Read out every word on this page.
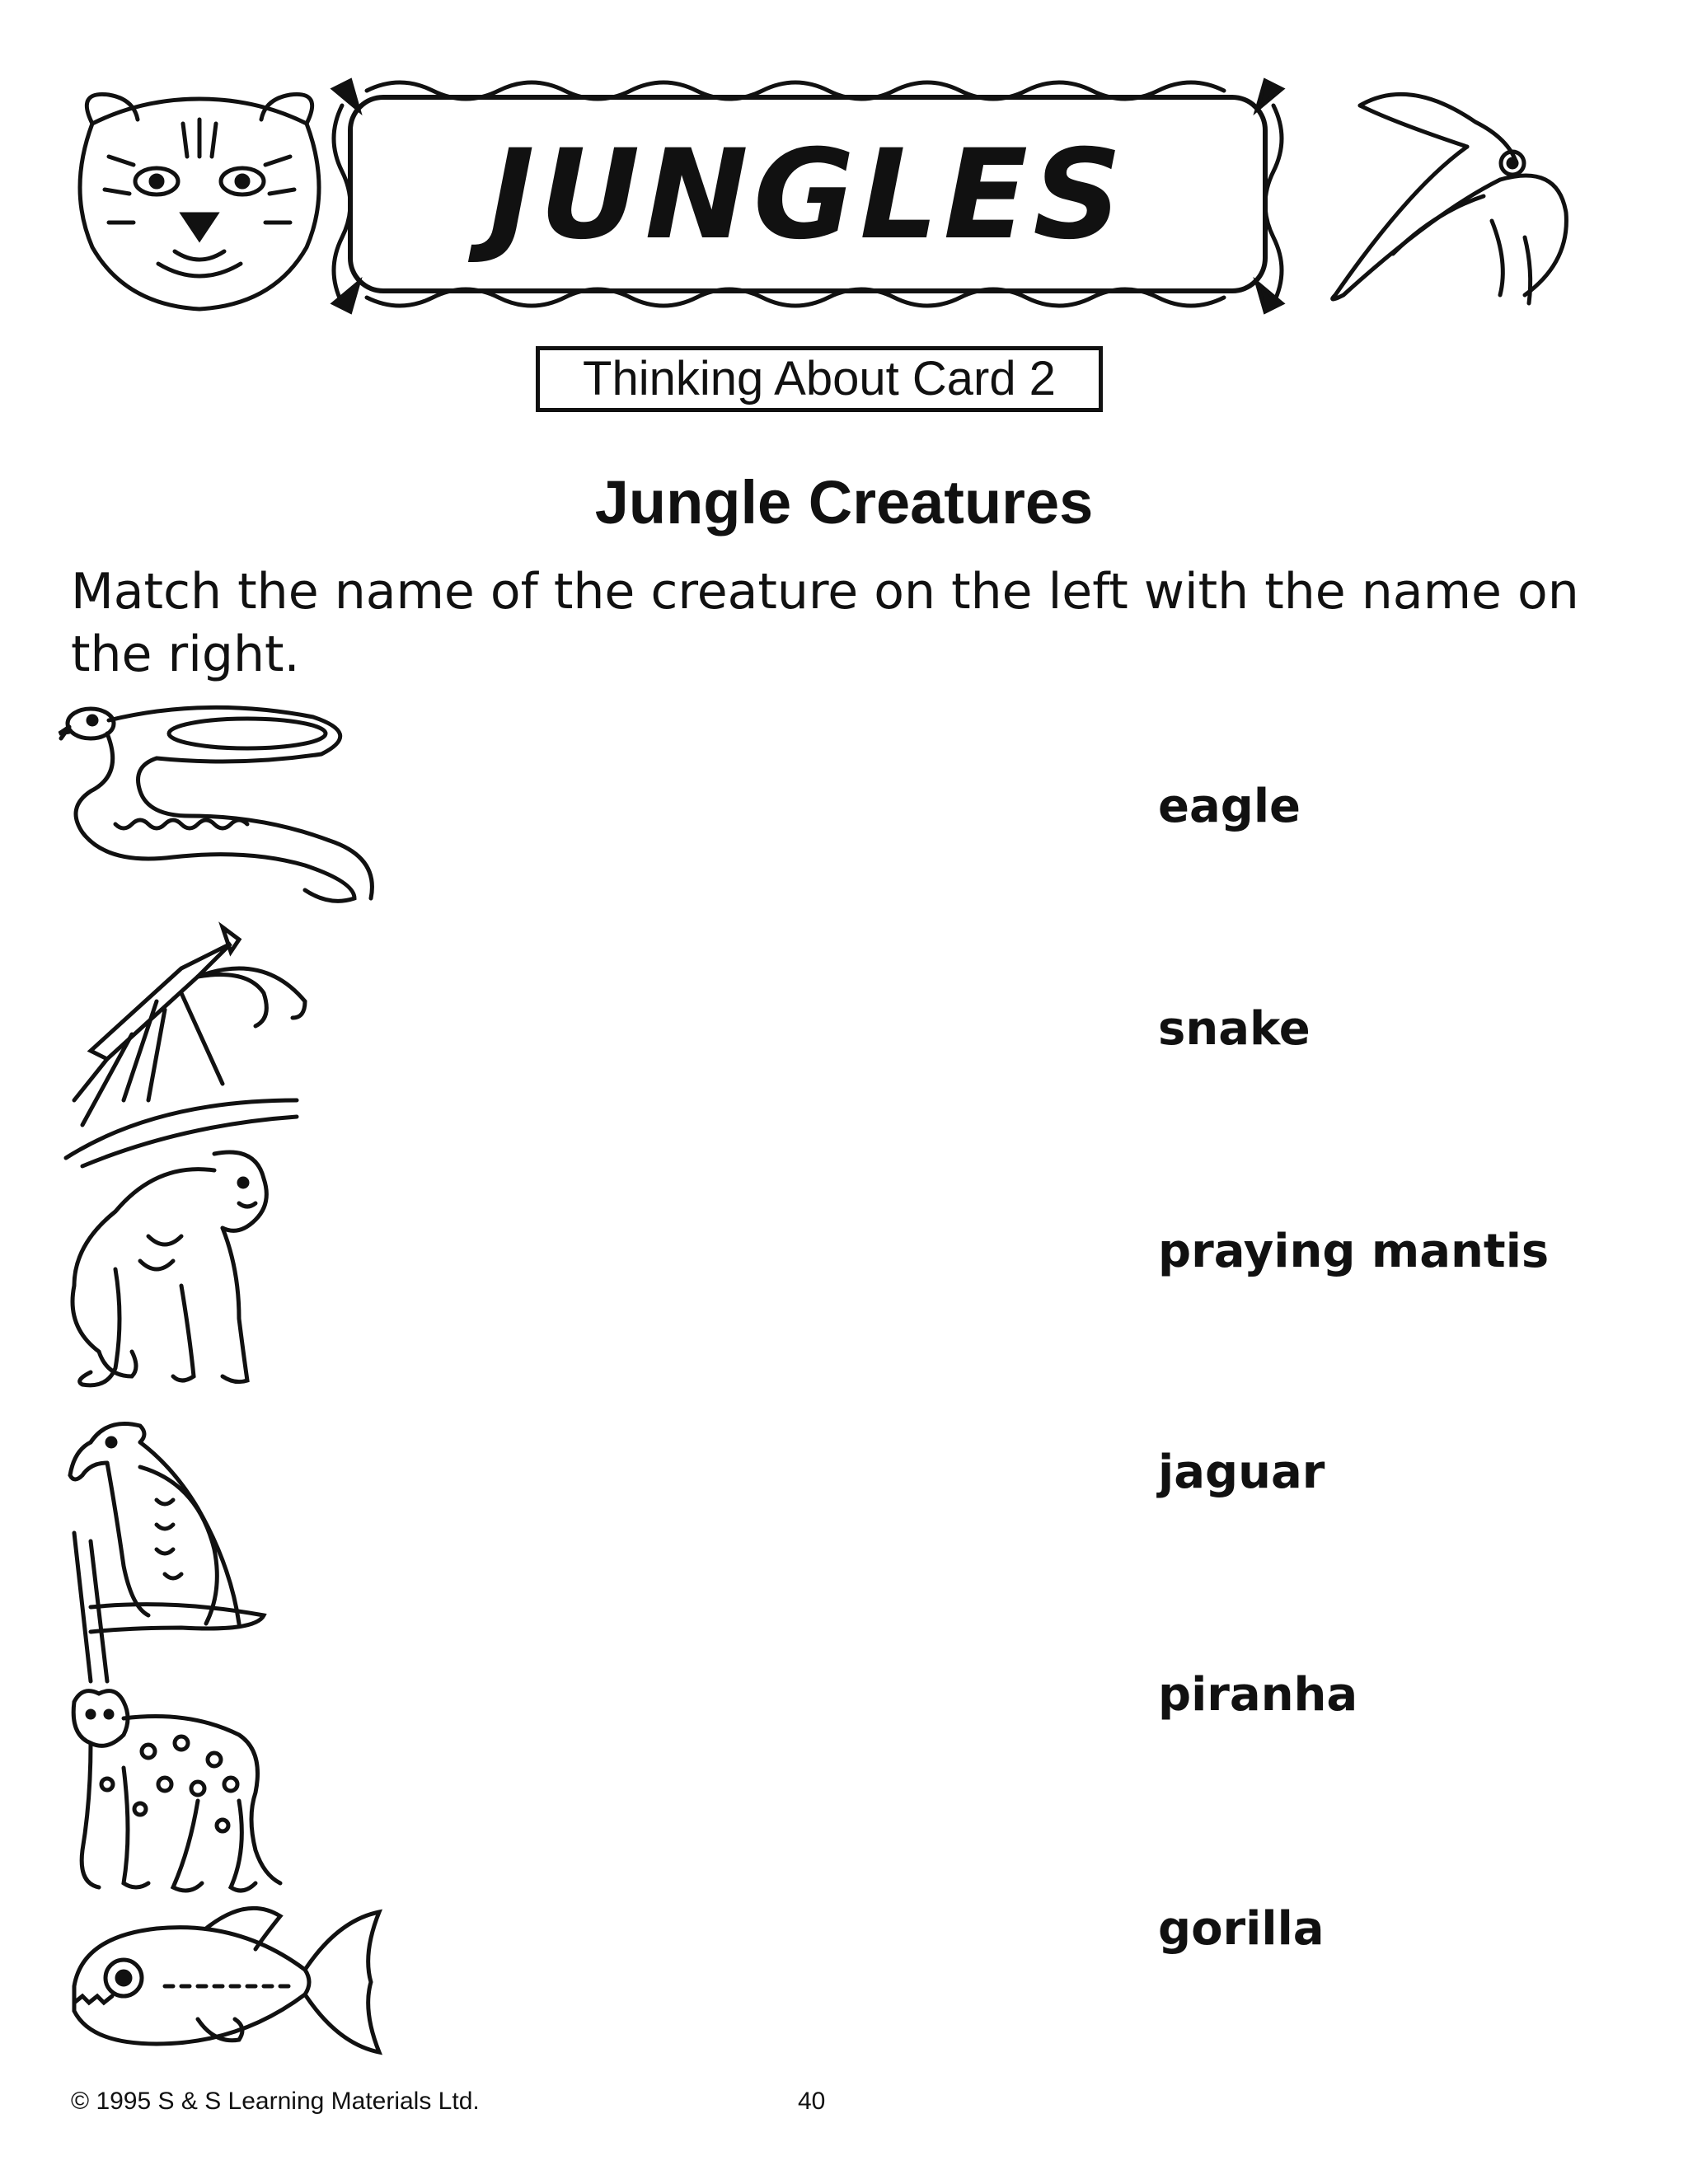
JUNGLES
Thinking About Card 2
Jungle Creatures
Match the name of the creature on the left with the name on the right.
eagle
snake
praying mantis
jaguar
piranha
gorilla
© 1995 S & S Learning Materials Ltd.	40
